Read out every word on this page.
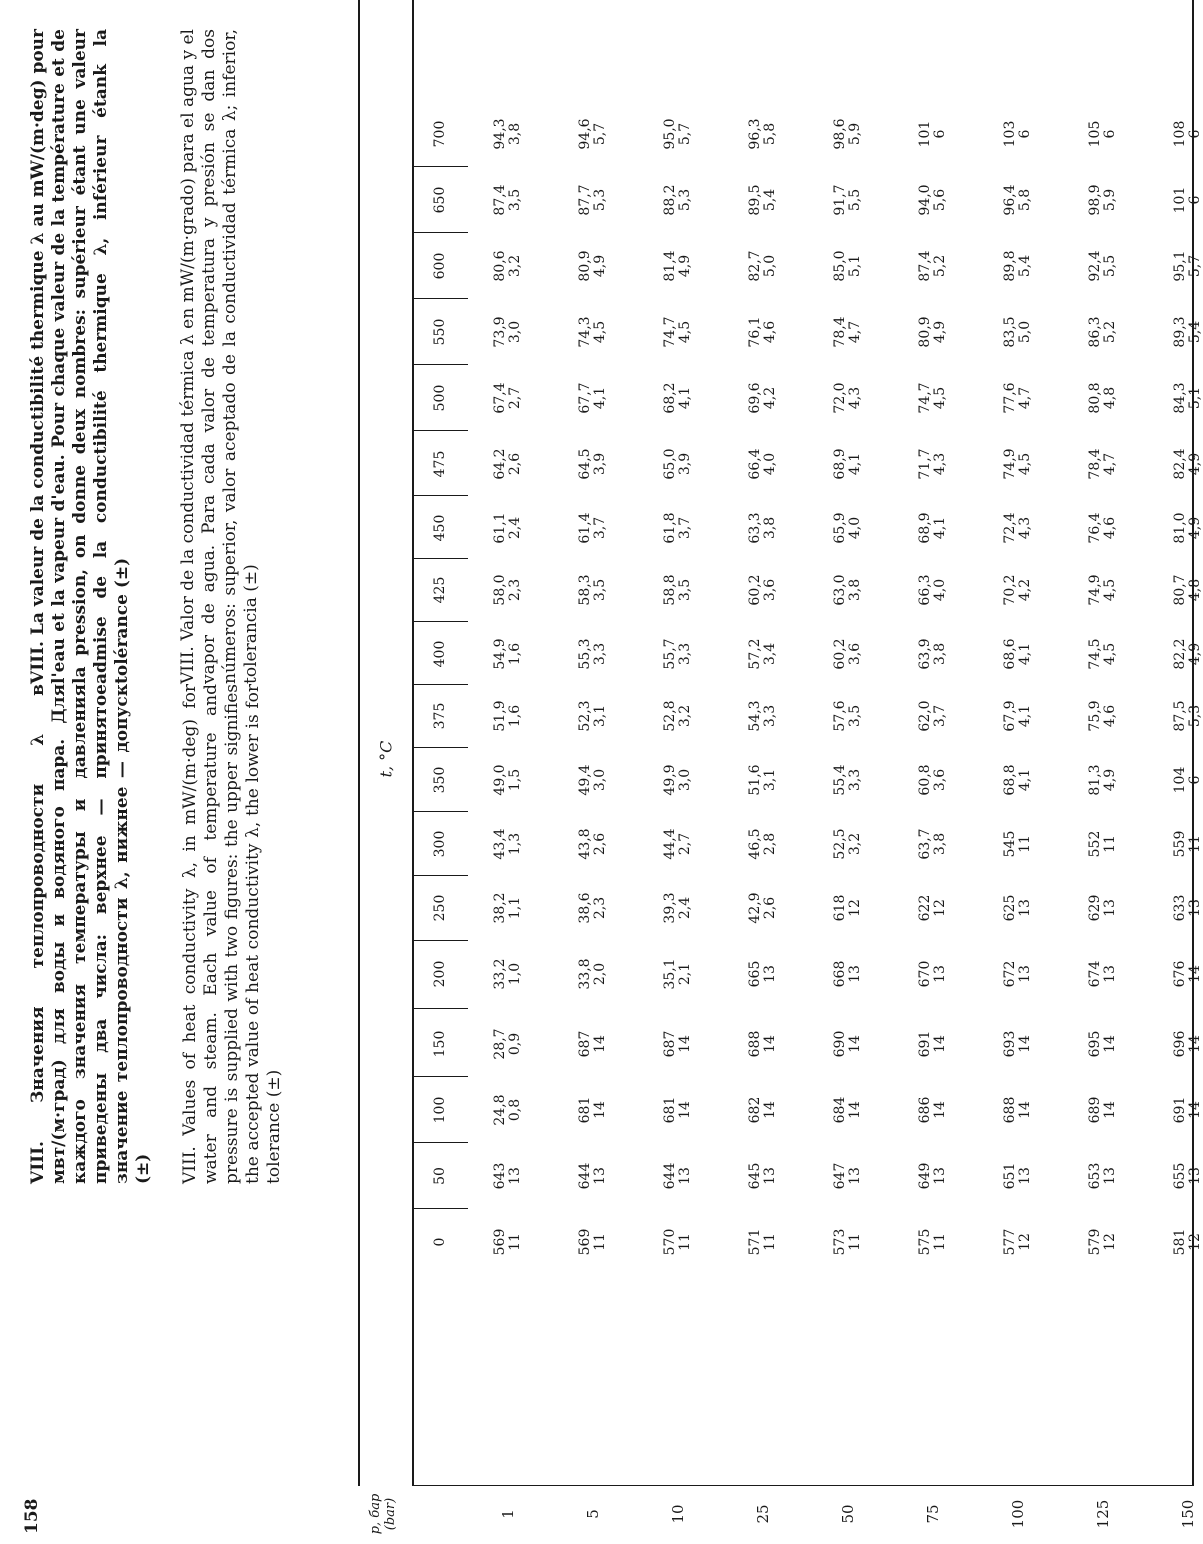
158
VIII. Значения теплопроводности λ в мвт/(м·град) для воды и водяного пара. Для каждого значения температуры и давления приведены два числа: верхнее — принятое значение теплопроводности λ, нижнее — допуск (±) VIII. Values of heat conductivity λ, in mW/(m·deg) for water and steam. Each value of temperature and pressure is supplied with two figures: the upper signifies the accepted value of heat conductivity λ, the lower is for tolerance (±)
VIII. La valeur de la conductibilité thermique λ au mW/(m·deg) pour l'eau et la vapeur d'eau. Pour chaque valeur de la température et de la pression, on donne deux nombres: supérieur étant une valeur admise de la conductibilité thermique λ, inférieur étank la tolérance (±)	VIII. Valor de la conductividad térmica λ en mW/(m·grado) para el agua y el vapor de agua. Para cada valor de temperatura y presión se dan dos números: superior, valor aceptado de la conductividad térmica λ; inferior, tolerancia (±)
t, °C
p, бар (bar)
0
50
100
150
200
250
300
350
375
400
425
450
475
500
550
600
650
700
1
569 11
643 13
24,8 0,8
28,7 0,9
33,2 1,0
38,2 1,1
43,4 1,3
49,0 1,5
51,9 1,6
54,9 1,6
58,0 2,3
61,1 2,4
64,2 2,6
67,4 2,7
73,9 3,0
80,6 3,2
87,4 3,5
94,3 3,8
5
569 11
644 13
681 14
687 14
33,8 2,0
38,6 2,3
43,8 2,6
49,4 3,0
52,3 3,1
55,3 3,3
58,3 3,5
61,4 3,7
64,5 3,9
67,7 4,1
74,3 4,5
80,9 4,9
87,7 5,3
94,6 5,7
10
570 11
644 13
681 14
687 14
35,1 2,1
39,3 2,4
44,4 2,7
49,9 3,0
52,8 3,2
55,7 3,3
58,8 3,5
61,8 3,7
65,0 3,9
68,2 4,1
74,7 4,5
81,4 4,9
88,2 5,3
95,0 5,7
25
571 11
645 13
682 14
688 14
665 13
42,9 2,6
46,5 2,8
51,6 3,1
54,3 3,3
57,2 3,4
60,2 3,6
63,3 3,8
66,4 4,0
69,6 4,2
76,1 4,6
82,7 5,0
89,5 5,4
96,3 5,8
50
573 11
647 13
684 14
690 14
668 13
618 12
52,5 3,2
55,4 3,3
57,6 3,5
60,2 3,6
63,0 3,8
65,9 4,0
68,9 4,1
72,0 4,3
78,4 4,7
85,0 5,1
91,7 5,5
98,6 5,9
75
575 11
649 13
686 14
691 14
670 13
622 12
63,7 3,8
60,8 3,6
62,0 3,7
63,9 3,8
66,3 4,0
68,9 4,1
71,7 4,3
74,7 4,5
80,9 4,9
87,4 5,2
94,0 5,6
101 6
100
577 12
651 13
688 14
693 14
672 13
625 13
545 11
68,8 4,1
67,9 4,1
68,6 4,1
70,2 4,2
72,4 4,3
74,9 4,5
77,6 4,7
83,5 5,0
89,8 5,4
96,4 5,8
103 6
125
579 12
653 13
689 14
695 14
674 13
629 13
552 11
81,3 4,9
75,9 4,6
74,5 4,5
74,9 4,5
76,4 4,6
78,4 4,7
80,8 4,8
86,3 5,2
92,4 5,5
98,9 5,9
105 6
150
581 12
655 13
691 14
696 14
676 14
633 13
559 11
104 6
87,5 5,3
82,2 4,9
80,7 4,8
81,0 4,9
82,4 4,9
84,3 5,1
89,3 5,4
95,1 5,7
101 6
108 6
